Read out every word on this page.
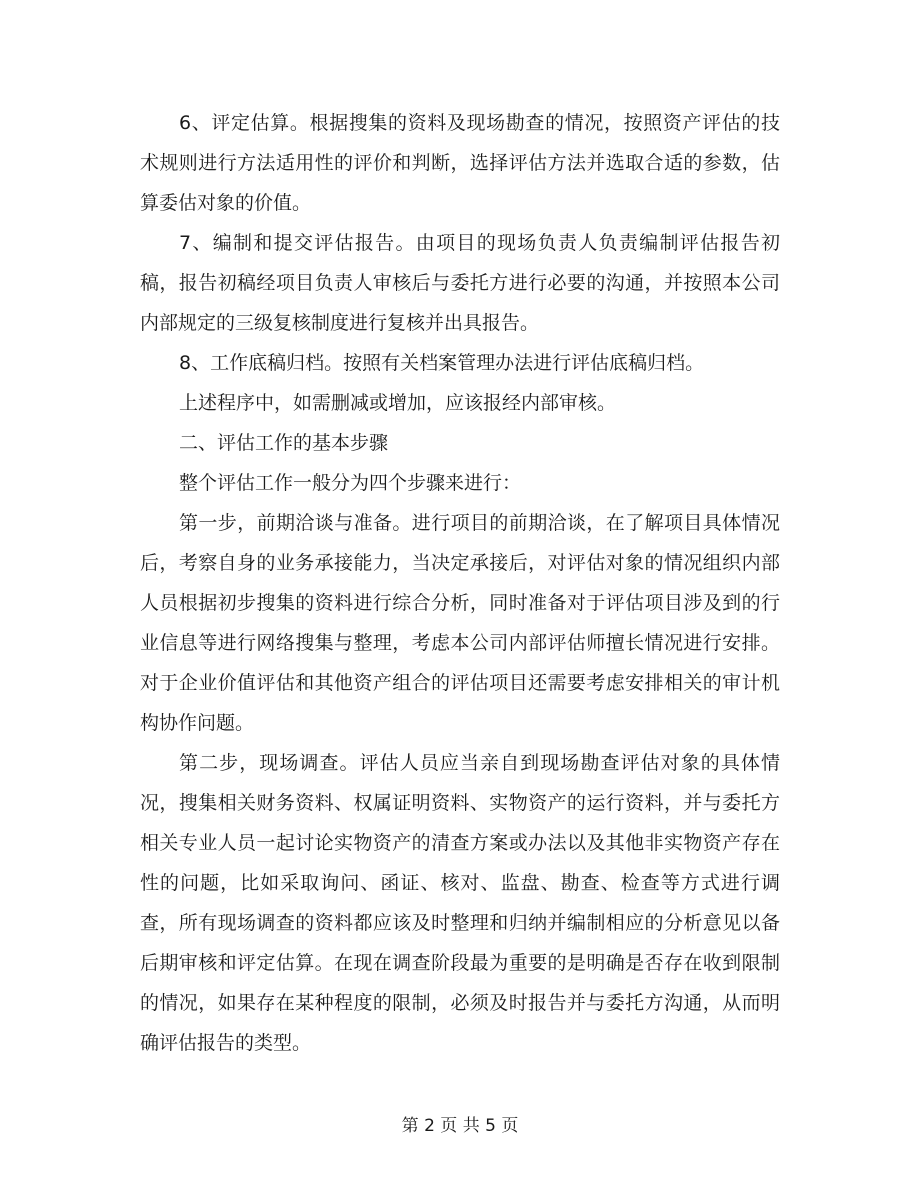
6、评定估算。根据搜集的资料及现场勘查的情况，按照资产评估的技术规则进行方法适用性的评价和判断，选择评估方法并选取合适的参数，估算委估对象的价值。

7、编制和提交评估报告。由项目的现场负责人负责编制评估报告初稿，报告初稿经项目负责人审核后与委托方进行必要的沟通，并按照本公司内部规定的三级复核制度进行复核并出具报告。

8、工作底稿归档。按照有关档案管理办法进行评估底稿归档。

上述程序中，如需删减或增加，应该报经内部审核。

二、评估工作的基本步骤

整个评估工作一般分为四个步骤来进行：

第一步，前期洽谈与准备。进行项目的前期洽谈，在了解项目具体情况后，考察自身的业务承接能力，当决定承接后，对评估对象的情况组织内部人员根据初步搜集的资料进行综合分析，同时准备对于评估项目涉及到的行业信息等进行网络搜集与整理，考虑本公司内部评估师擅长情况进行安排。对于企业价值评估和其他资产组合的评估项目还需要考虑安排相关的审计机构协作问题。

第二步，现场调查。评估人员应当亲自到现场勘查评估对象的具体情况，搜集相关财务资料、权属证明资料、实物资产的运行资料，并与委托方相关专业人员一起讨论实物资产的清查方案或办法以及其他非实物资产存在性的问题，比如采取询问、函证、核对、监盘、勘查、检查等方式进行调查，所有现场调查的资料都应该及时整理和归纳并编制相应的分析意见以备后期审核和评定估算。在现在调查阶段最为重要的是明确是否存在收到限制的情况，如果存在某种程度的限制，必须及时报告并与委托方沟通，从而明确评估报告的类型。

第 2 页 共 5 页
